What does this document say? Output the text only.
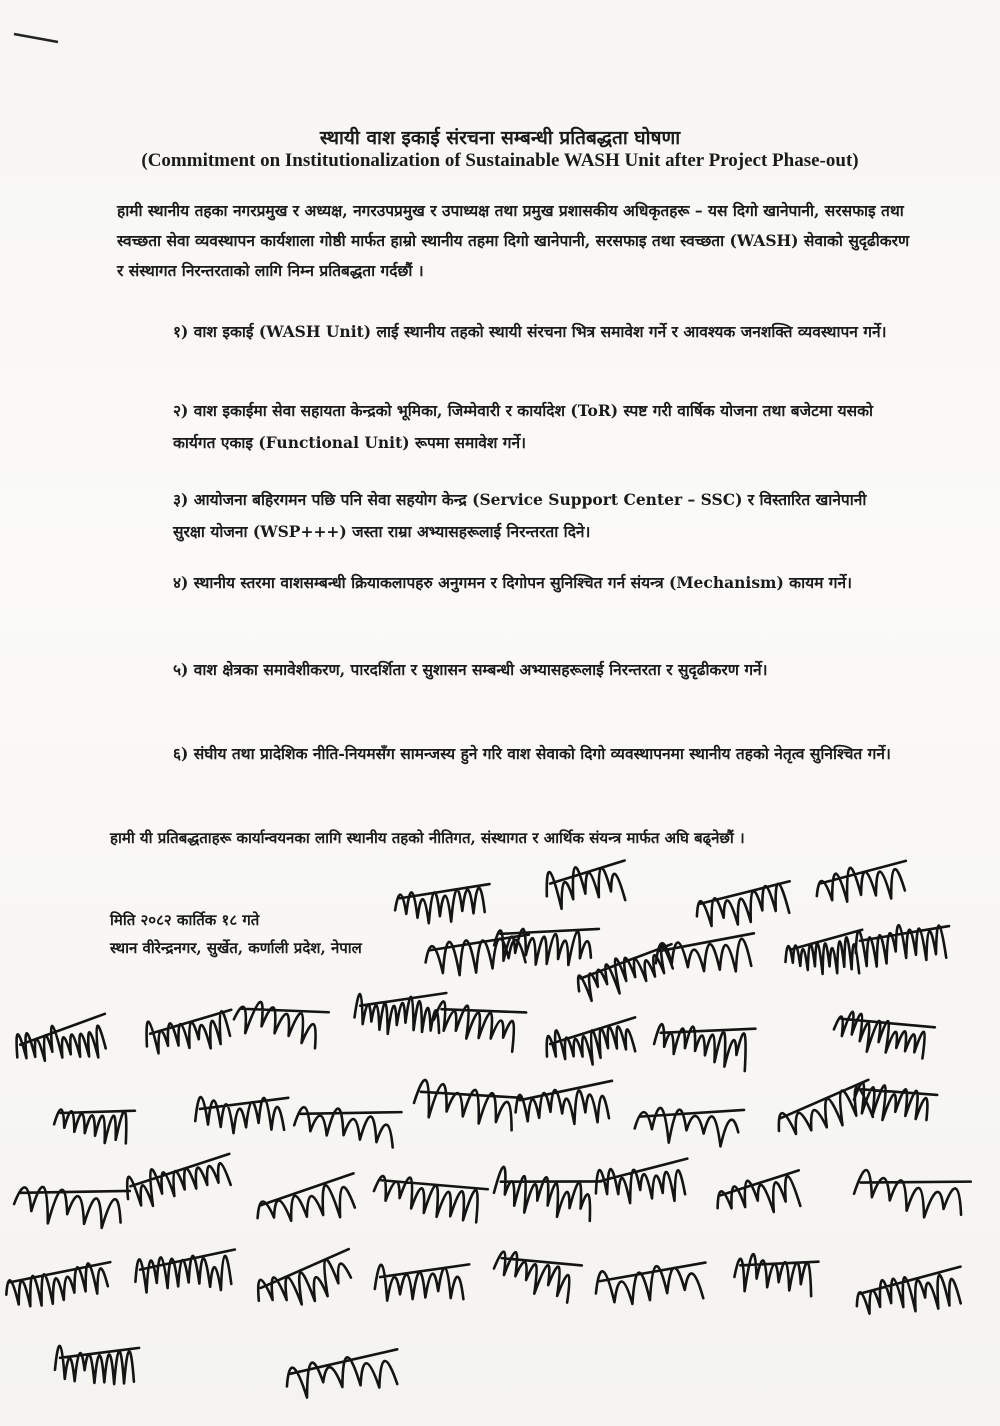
स्थायी वाश इकाई संरचना सम्बन्धी प्रतिबद्धता घोषणा
(Commitment on Institutionalization of Sustainable WASH Unit after Project Phase-out)
हामी स्थानीय तहका नगरप्रमुख र अध्यक्ष, नगरउपप्रमुख र उपाध्यक्ष तथा प्रमुख प्रशासकीय अधिकृतहरू – यस दिगो खानेपानी, सरसफाइ तथा स्वच्छता सेवा व्यवस्थापन कार्यशाला गोष्ठी मार्फत हाम्रो स्थानीय तहमा दिगो खानेपानी, सरसफाइ तथा स्वच्छता (WASH) सेवाको सुदृढीकरण र संस्थागत निरन्तरताको लागि निम्न प्रतिबद्धता गर्दछौं ।
१) वाश इकाई (WASH Unit) लाई स्थानीय तहको स्थायी संरचना भित्र समावेश गर्ने र आवश्यक जनशक्ति व्यवस्थापन गर्ने।
२) वाश इकाईमा सेवा सहायता केन्द्रको भूमिका, जिम्मेवारी र कार्यादेश (ToR) स्पष्ट गरी वार्षिक योजना तथा बजेटमा यसको कार्यगत एकाइ (Functional Unit) रूपमा समावेश गर्ने।
३) आयोजना बहिरगमन पछि पनि सेवा सहयोग केन्द्र (Service Support Center – SSC) र विस्तारित खानेपानी सुरक्षा योजना (WSP+++) जस्ता राम्रा अभ्यासहरूलाई निरन्तरता दिने।
४) स्थानीय स्तरमा वाशसम्बन्धी क्रियाकलापहरु अनुगमन र दिगोपन सुनिश्चित गर्न संयन्त्र (Mechanism) कायम गर्ने।
५) वाश क्षेत्रका समावेशीकरण, पारदर्शिता र सुशासन सम्बन्धी अभ्यासहरूलाई निरन्तरता र सुदृढीकरण गर्ने।
६) संघीय तथा प्रादेशिक नीति-नियमसँग सामन्जस्य हुने गरि वाश सेवाको दिगो व्यवस्थापनमा स्थानीय तहको नेतृत्व सुनिश्चित गर्ने।
हामी यी प्रतिबद्धताहरू कार्यान्वयनका लागि स्थानीय तहको नीतिगत, संस्थागत र आर्थिक संयन्त्र मार्फत अघि बढ्नेछौं ।
मिति २०८२ कार्तिक १८ गते
स्थान वीरेन्द्रनगर, सुर्खेत, कर्णाली प्रदेश, नेपाल
